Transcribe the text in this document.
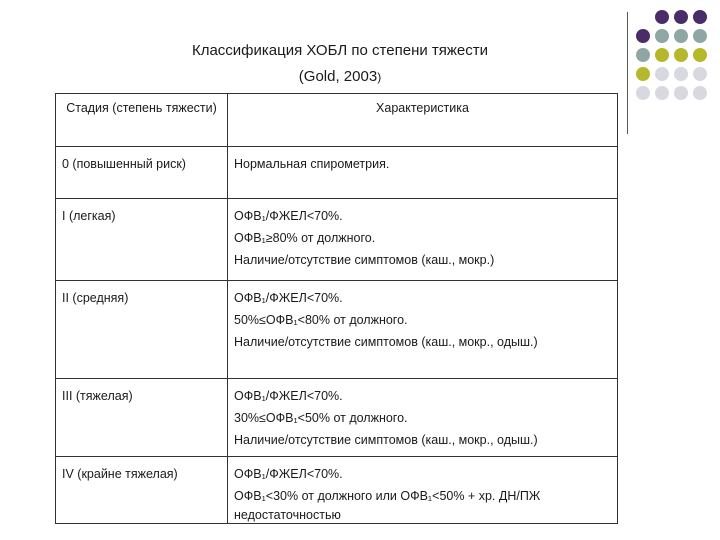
Классификация ХОБЛ по степени тяжести
(Gold, 2003)
Стадия (степень тяжести)	Характеристика
0 (повышенный риск)	Нормальная спирометрия.

I (легкая)	ОФВ₁/ФЖЕЛ<70%.
ОФВ₁≥80% от должного.
Наличие/отсутствие симптомов (каш., мокр.)

II (средняя)	ОФВ₁/ФЖЕЛ<70%.
50%≤ОФВ₁<80% от должного.
Наличие/отсутствие симптомов (каш., мокр., одыш.)

III (тяжелая)	ОФВ₁/ФЖЕЛ<70%.
30%≤ОФВ₁<50% от должного.
Наличие/отсутствие симптомов (каш., мокр., одыш.)

IV (крайне тяжелая)	ОФВ₁/ФЖЕЛ<70%.
ОФВ₁<30% от должного или ОФВ₁<50% + хр. ДН/ПЖ
недостаточностью
